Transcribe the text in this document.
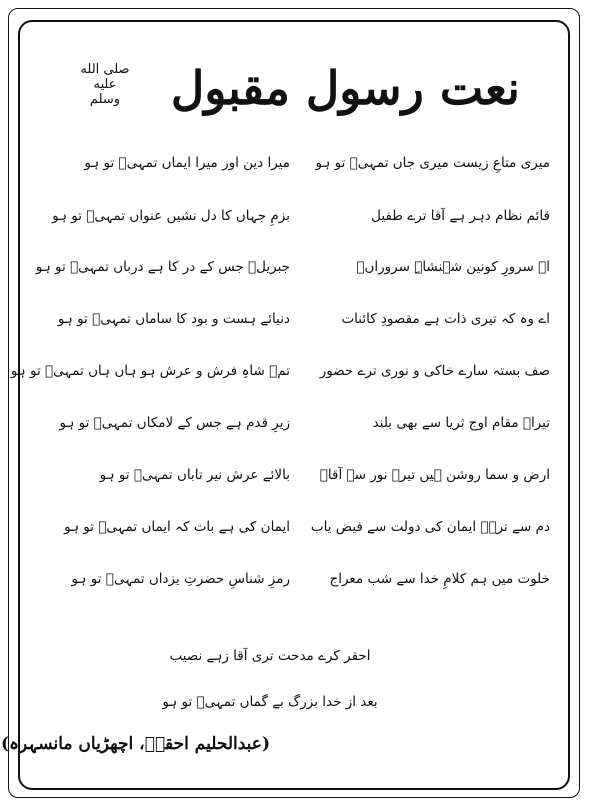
نعت رسول مقبول
صلى الله
عليه
وسلم
میری متاعِ زیست میری جاں تمہیؐ تو ہو
میرا دین اور میرا ایماں تمہیؐ تو ہو
قائم نظام دہر ہے آقا ترے طفیل
بزمِ جہاں کا دل نشیں عنواں تمہیؐ تو ہو
اے سرورِ کونین شہنشاہِ سروراںؐ
جبریلؑ جس کے در کا ہے درباں تمہیؐ تو ہو
اے وہ کہ تیری ذات ہے مقصودِ کائنات
دنیائے ہست و بود کا ساماں تمہیؐ تو ہو
صف بستہ سارے خاکی و نوری ترے حضور
تمؐ شاہِ فرش و عرش ہو ہاں ہاں تمہیؐ تو ہو
تیراؐ مقام اوج ثریا سے بھی بلند
زیرِ قدم ہے جس کے لامکاں تمہیؐ تو ہو
ارض و سما روشن ہیں تیرے نور سے آقاؐ
بالائے عرش نیر تاباں تمہیؐ تو ہو
دم سے ترےؐ ایمان کی دولت سے فیض یاب
ایمان کی ہے بات کہ ایماں تمہیؐ تو ہو
خلوت میں ہم کلامِ خدا سے شب معراج
رمزِ شناسِ حضرتِ یزداں تمہیؐ تو ہو
احقر کرے مدحت تری آقا زہے نصیب
بعد از خدا بزرگ بے گماں تمہیؐ تو ہو
(عبدالحلیم احقرؔ، اچھڑیاں مانسہرہ)
